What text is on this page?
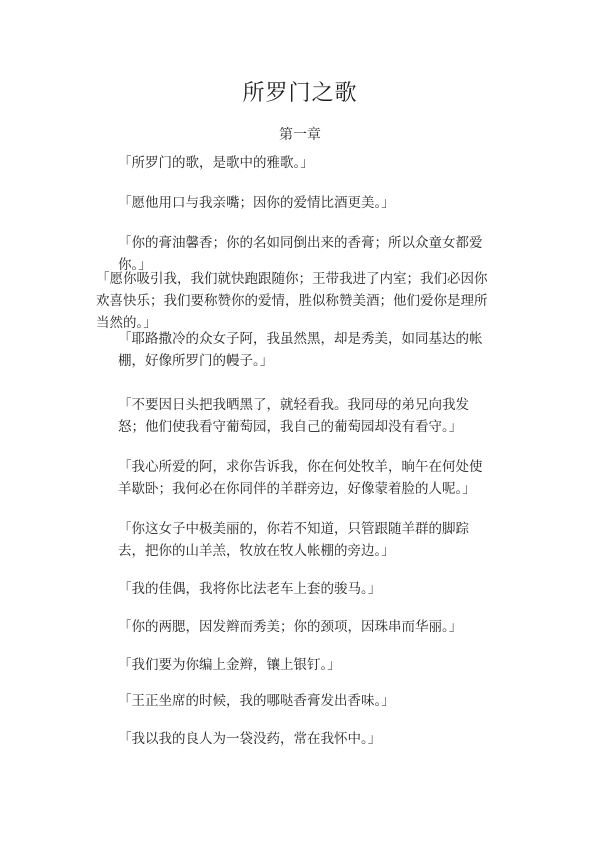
所罗门之歌
第一章

「所罗门的歌，是歌中的雅歌。」

「愿他用口与我亲嘴；因你的爱情比酒更美。」

「你的膏油馨香；你的名如同倒出来的香膏；所以众童女都爱你。」

「愿你吸引我，我们就快跑跟随你；王带我进了内室；我们必因你欢喜快乐；我们要称赞你的爱情，胜似称赞美酒；他们爱你是理所当然的。」

「耶路撒冷的众女子阿，我虽然黑，却是秀美，如同基达的帐棚，好像所罗门的幔子。」

「不要因日头把我晒黑了，就轻看我。我同母的弟兄向我发怒；他们使我看守葡萄园，我自己的葡萄园却没有看守。」

「我心所爱的阿，求你告诉我，你在何处牧羊，晌午在何处使羊歇卧；我何必在你同伴的羊群旁边，好像蒙着脸的人呢。」

「你这女子中极美丽的，你若不知道，只管跟随羊群的脚踪去，把你的山羊羔，牧放在牧人帐棚的旁边。」

「我的佳偶，我将你比法老车上套的骏马。」

「你的两腮，因发辫而秀美；你的颈项，因珠串而华丽。」

「我们要为你编上金辫，镶上银钉。」

「王正坐席的时候，我的哪哒香膏发出香味。」

「我以我的良人为一袋没药，常在我怀中。」
